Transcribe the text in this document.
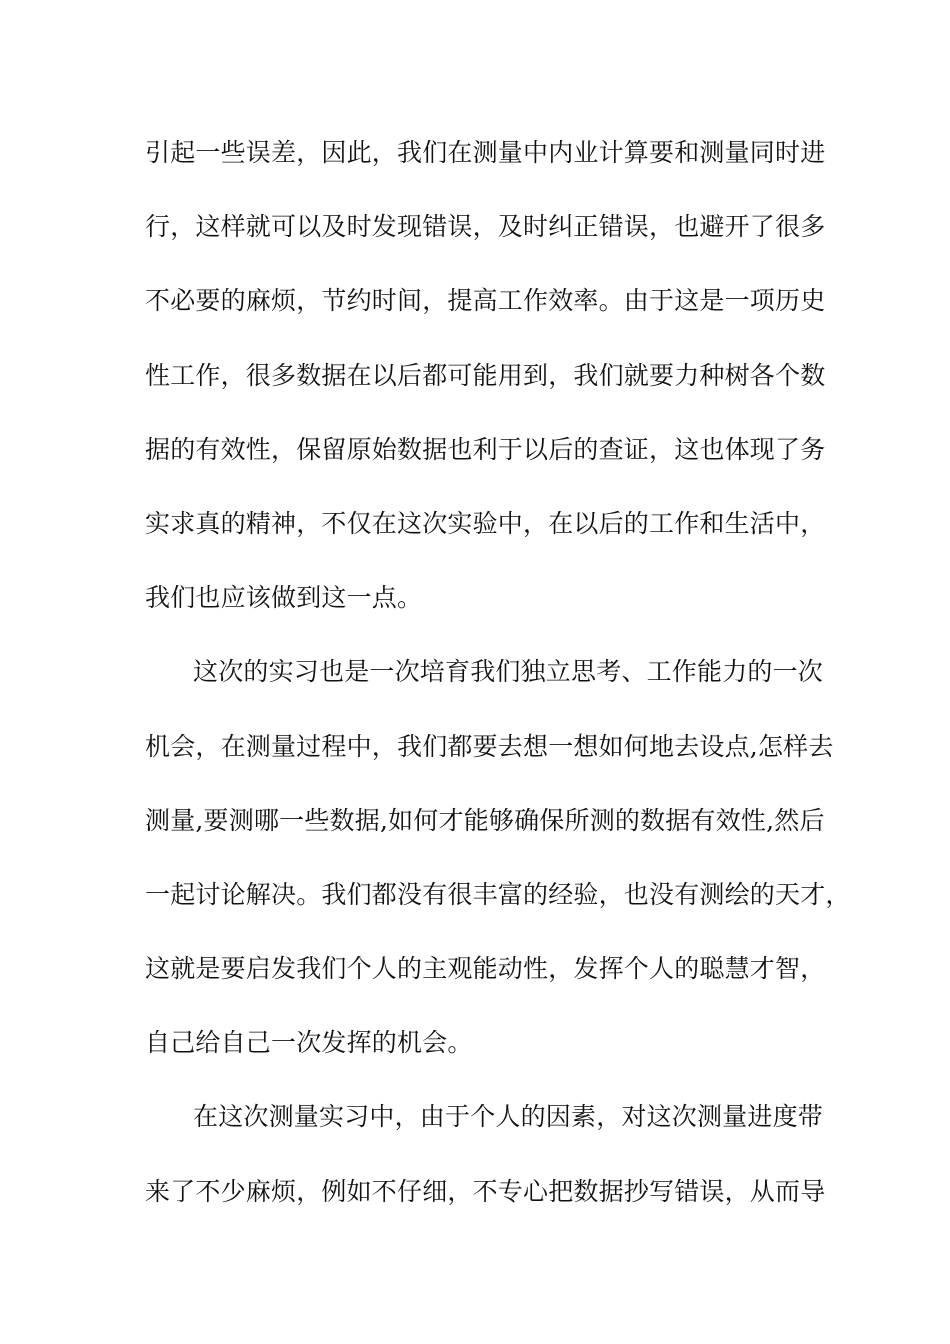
引起一些误差，因此，我们在测量中内业计算要和测量同时进
行，这样就可以及时发现错误，及时纠正错误，也避开了很多
不必要的麻烦，节约时间，提高工作效率。由于这是一项历史
性工作，很多数据在以后都可能用到，我们就要力种树各个数
据的有效性，保留原始数据也利于以后的查证，这也体现了务
实求真的精神，不仅在这次实验中，在以后的工作和生活中，
我们也应该做到这一点。
这次的实习也是一次培育我们独立思考、工作能力的一次
机会，在测量过程中，我们都要去想一想如何地去设点,怎样去
测量,要测哪一些数据,如何才能够确保所测的数据有效性,然后
一起讨论解决。我们都没有很丰富的经验，也没有测绘的天才，
这就是要启发我们个人的主观能动性，发挥个人的聪慧才智，
自己给自己一次发挥的机会。
在这次测量实习中，由于个人的因素，对这次测量进度带
来了不少麻烦，例如不仔细，不专心把数据抄写错误，从而导
